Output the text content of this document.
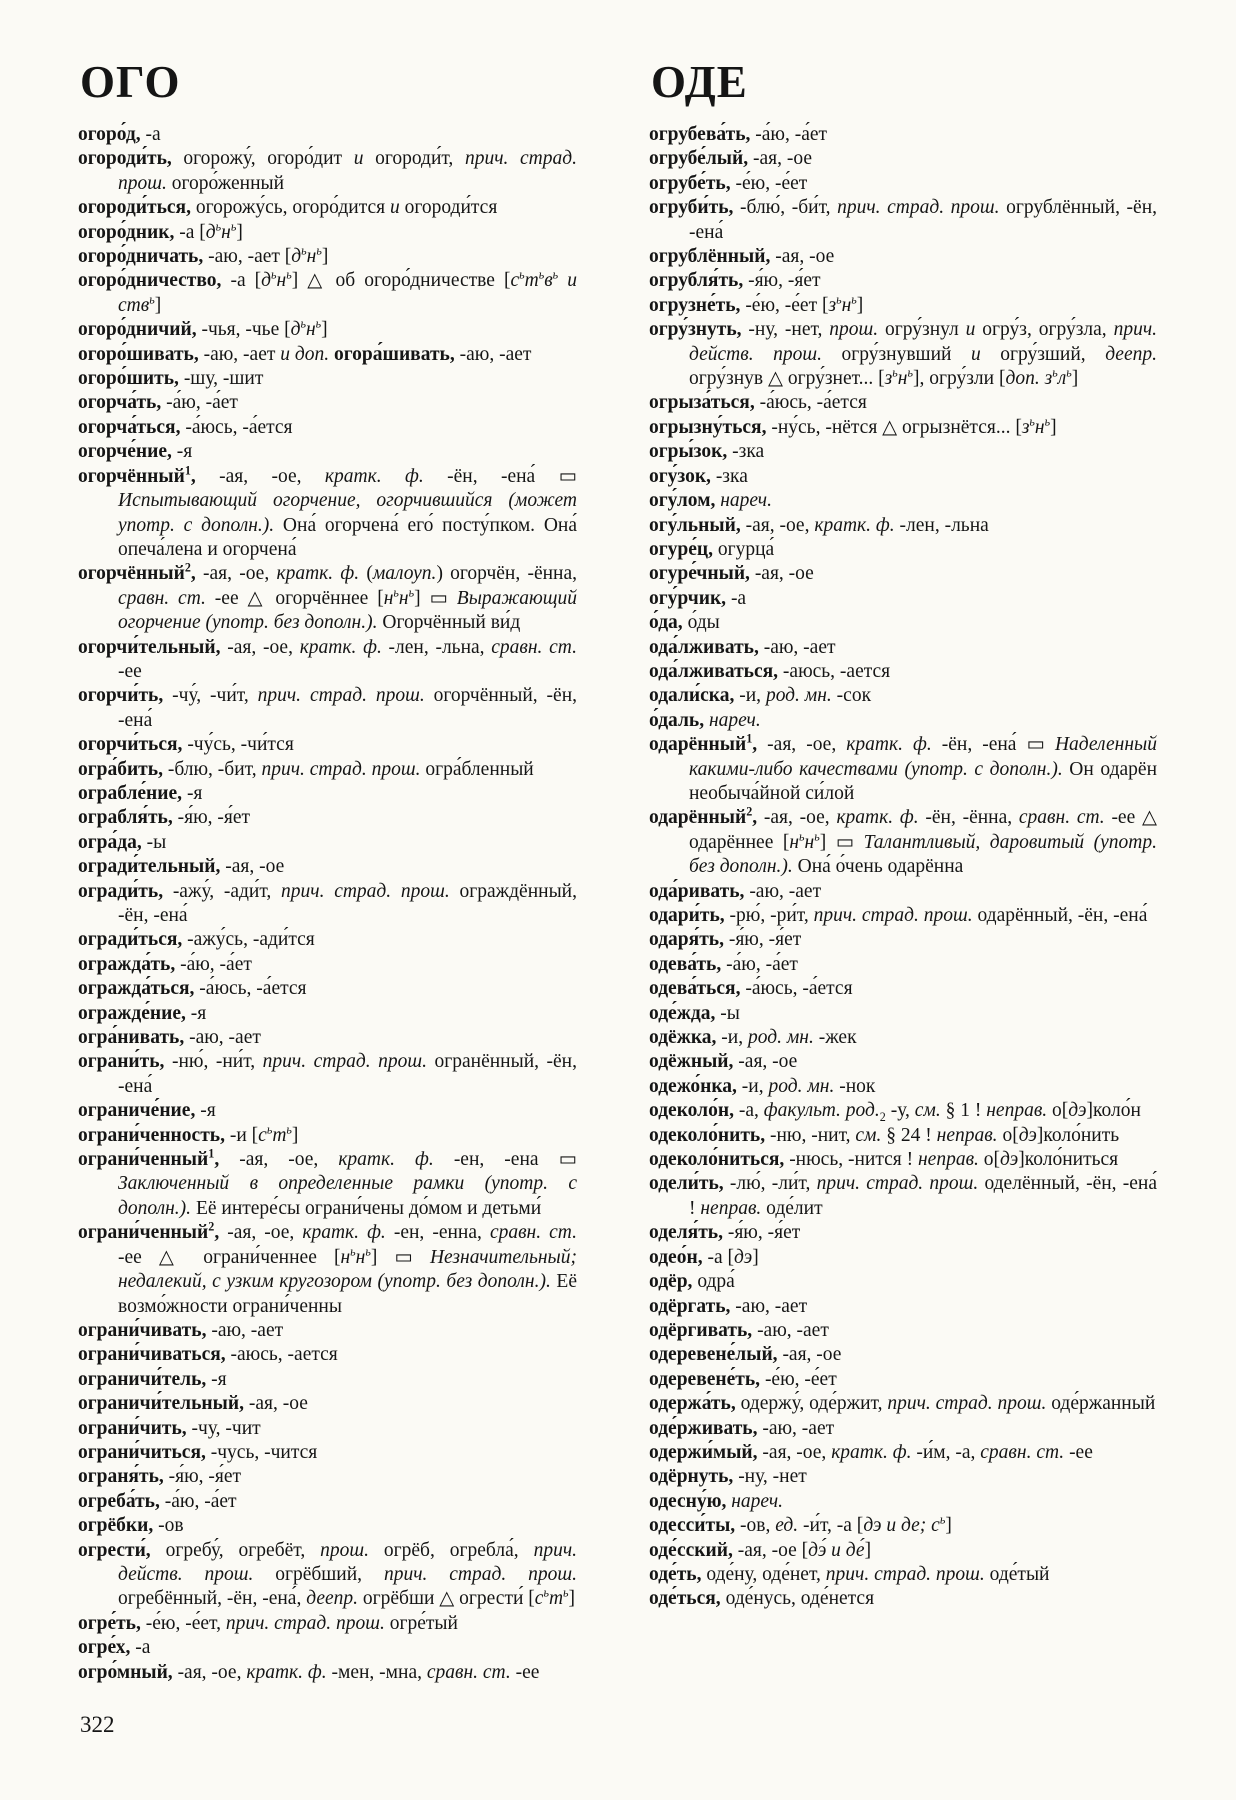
ОГО

огоро́д, -а

огороди́ть, огорожу́, огоро́дит и огороди́т, прич. страд. прош. огоро́женный

огороди́ться, огорожу́сь, огоро́дится и огороди́тся

огоро́дник, -а $[д^ьн^ь]$

огоро́дничать, -аю, -ает $[д^ьн^ь]$

огоро́дничество, -а $[д^ьн^ь]$ △ об огоро́дничестве [$с^ьт^ьв^ь$ и ств$^ь$]

огоро́дничий, -чья, -чье $[д^ьн^ь]$

огоро́шивать, -аю, -ает и доп. огора́шивать, -аю, -ает

огоро́шить, -шу, -шит

огорча́ть, -а́ю, -а́ет

огорча́ться, -а́юсь, -а́ется

огорче́ние, -я

огорчённый$^1$, -ая, -ое, кратк. ф. -ён, -ена́ ▭ Испытывающий огорчение, огорчившийся (может употр. с дополн.). Она́ огорчена́ его́ посту́пком. Она́ опеча́лена и огорчена́

огорчённый$^2$, -ая, -ое, кратк. ф. (малоуп.) огорчён, -ённа, сравн. ст. -ее △ огорчённее $[н^ьн^ь]$ ▭ Выражающий огорчение (употр. без дополн.). Огорчённый ви́д

огорчи́тельный, -ая, -ое, кратк. ф. -лен, -льна, сравн. ст. -ее

огорчи́ть, -чу́, -чи́т, прич. страд. прош. огорчённый, -ён, -ена́

огорчи́ться, -чу́сь, -чи́тся

огра́бить, -блю, -бит, прич. страд. прош. огра́бленный

ограбле́ние, -я

ограбля́ть, -я́ю, -я́ет

огра́да, -ы

огради́тельный, -ая, -ое

огради́ть, -ажу́, -ади́т, прич. страд. прош. ограждённый, -ён, -ена́

огради́ться, -ажу́сь, -ади́тся

огражда́ть, -а́ю, -а́ет

огражда́ться, -а́юсь, -а́ется

огражде́ние, -я

огра́нивать, -аю, -ает

ограни́ть, -ню́, -ни́т, прич. страд. прош. огранённый, -ён, -ена́

ограниче́ние, -я

ограни́ченность, -и $[с^ьт^ь]$

ограни́ченный$^1$, -ая, -ое, кратк. ф. -ен, -ена ▭ Заключенный в определенные рамки (употр. с дополн.). Её интере́сы ограни́чены до́мом и детьми́

ограни́ченный$^2$, -ая, -ое, кратк. ф. -ен, -енна, сравн. ст. -ее △ ограни́ченнее $[н^ьн^ь]$ ▭ Незначительный; недалекий, с узким кругозором (употр. без дополн.). Её возмо́жности ограни́ченны

ограни́чивать, -аю, -ает

ограни́чиваться, -аюсь, -ается

ограничи́тель, -я

ограничи́тельный, -ая, -ое

ограни́чить, -чу, -чит

ограни́читься, -чусь, -чится

ограня́ть, -я́ю, -я́ет

огреба́ть, -а́ю, -а́ет

огрёбки, -ов

огрести́, огребу́, огребёт, прош. огрёб, огребла́, прич. действ. прош. огрёбший, прич. страд. прош. огребённый, -ён, -ена́, деепр. огрёбши △ огрести́ $[с^ьт^ь]$

огре́ть, -е́ю, -е́ет, прич. страд. прош. огре́тый

огре́х, -а

огро́мный, -ая, -ое, кратк. ф. -мен, -мна, сравн. ст. -ее

ОДЕ

огрубева́ть, -а́ю, -а́ет

огрубе́лый, -ая, -ое

огрубе́ть, -е́ю, -е́ет

огруби́ть, -блю́, -би́т, прич. страд. прош. огрублённый, -ён, -ена́

огрублённый, -ая, -ое

огрубля́ть, -я́ю, -я́ет

огрузне́ть, -е́ю, -е́ет $[з^ьн^ь]$

огру́знуть, -ну, -нет, прош. огру́знул и огру́з, огру́зла, прич. действ. прош. огру́знувший и огру́зший, деепр. огру́знув △ огру́знет... $[з^ьн^ь]$, огру́зли [доп. $з^ьл^ь$]

огрыза́ться, -а́юсь, -а́ется

огрызну́ться, -ну́сь, -нётся △ огрызнётся... $[з^ьн^ь]$

огры́зок, -зка

огу́зок, -зка

огу́лом, нареч.

огу́льный, -ая, -ое, кратк. ф. -лен, -льна

огуре́ц, огурца́

огуре́чный, -ая, -ое

огу́рчик, -а

о́да, о́ды

ода́лживать, -аю, -ает

ода́лживаться, -аюсь, -ается

одали́ска, -и, род. мн. -сок

о́даль, нареч.

одарённый$^1$, -ая, -ое, кратк. ф. -ён, -ена́ ▭ Наделенный какими-либо качествами (употр. с дополн.). Он одарён необыча́йной си́лой

одарённый$^2$, -ая, -ое, кратк. ф. -ён, -ённа, сравн. ст. -ее △ одарённее $[н^ьн^ь]$ ▭ Талантливый, даровитый (употр. без дополн.). Она́ о́чень одарённа

ода́ривать, -аю, -ает

одари́ть, -рю́, -ри́т, прич. страд. прош. одарённый, -ён, -ена́

одаря́ть, -я́ю, -я́ет

одева́ть, -а́ю, -а́ет

одева́ться, -а́юсь, -а́ется

оде́жда, -ы

одёжка, -и, род. мн. -жек

одёжный, -ая, -ое

одежо́нка, -и, род. мн. -нок

одеколо́н, -а, факульт. $род._2$ -у, см. § 1 ! неправ. о[дэ]коло́н

одеколо́нить, -ню, -нит, см. § 24 ! неправ. о[дэ]коло́нить

одеколо́ниться, -нюсь, -нится ! неправ. о[дэ]коло́ниться

одели́ть, -лю́, -ли́т, прич. страд. прош. оделённый, -ён, -ена́ ! неправ. оде́лит

оделя́ть, -я́ю, -я́ет

одео́н, -а [дэ]

одёр, одра́

одёргать, -аю, -ает

одёргивать, -аю, -ает

одеревене́лый, -ая, -ое

одеревене́ть, -е́ю, -е́ет

одержа́ть, одержу́, оде́ржит, прич. страд. прош. оде́ржанный

оде́рживать, -аю, -ает

одержи́мый, -ая, -ое, кратк. ф. -и́м, -а, сравн. ст. -ее

одёрнуть, -ну, -нет

одесну́ю, нареч.

одесси́ты, -ов, ед. -и́т, -а [дэ и де; $с^ь$]

оде́сский, -ая, -ое [дэ́ и де́]

оде́ть, оде́ну, оде́нет, прич. страд. прош. оде́тый

оде́ться, оде́нусь, оде́нется

322
